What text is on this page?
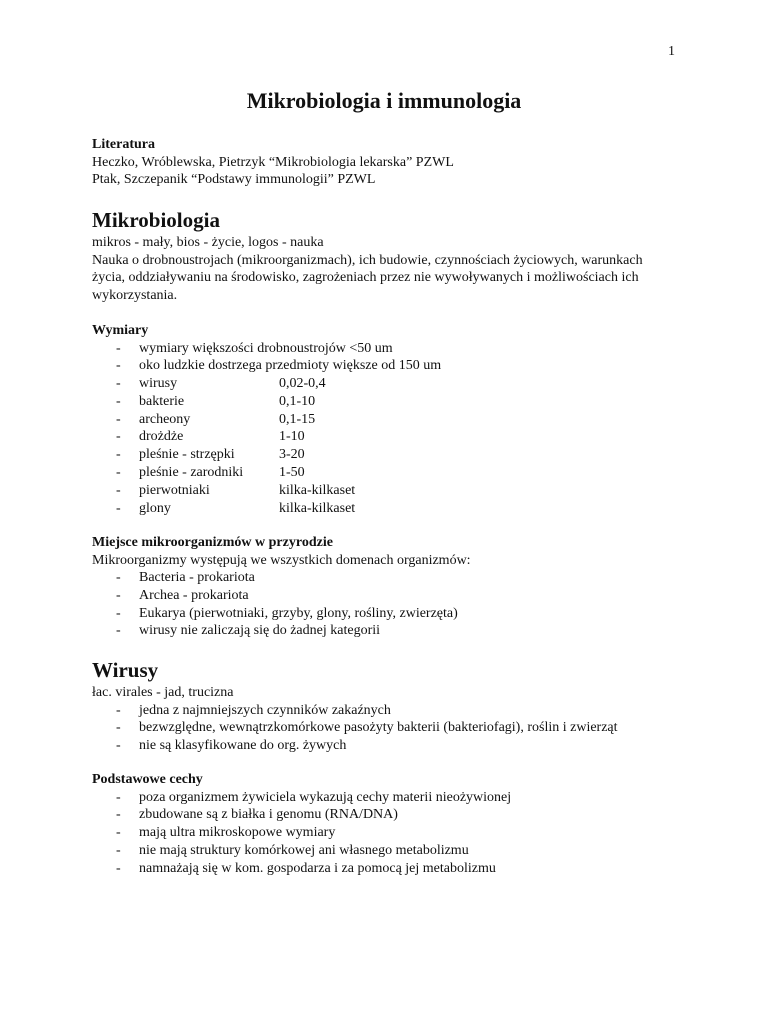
1
Mikrobiologia i immunologia
Literatura
Heczko, Wróblewska, Pietrzyk “Mikrobiologia lekarska” PZWL
Ptak, Szczepanik “Podstawy immunologii” PZWL
Mikrobiologia
mikros - mały, bios - życie, logos - nauka
Nauka o drobnoustrojach (mikroorganizmach), ich budowie, czynnościach życiowych, warunkach
życia, oddziaływaniu na środowisko, zagrożeniach przez nie wywoływanych i możliwościach ich
wykorzystania.
Wymiary
- wymiary większości drobnoustrojów <50 um
- oko ludzkie dostrzega przedmioty większe od 150 um
- wirusy	0,02-0,4
- bakterie	0,1-10
- archeony	0,1-15
- drożdże	1-10
- pleśnie - strzępki	3-20
- pleśnie - zarodniki	1-50
- pierwotniaki	kilka-kilkaset
- glony	kilka-kilkaset
Miejsce mikroorganizmów w przyrodzie
Mikroorganizmy występują we wszystkich domenach organizmów:
- Bacteria - prokariota
- Archea - prokariota
- Eukarya (pierwotniaki, grzyby, glony, rośliny, zwierzęta)
- wirusy nie zaliczają się do żadnej kategorii
Wirusy
łac. virales - jad, trucizna
- jedna z najmniejszych czynników zakaźnych
- bezwzględne, wewnątrzkomórkowe pasożyty bakterii (bakteriofagi), roślin i zwierząt
- nie są klasyfikowane do org. żywych
Podstawowe cechy
- poza organizmem żywiciela wykazują cechy materii nieożywionej
- zbudowane są z białka i genomu (RNA/DNA)
- mają ultra mikroskopowe wymiary
- nie mają struktury komórkowej ani własnego metabolizmu
- namnażają się w kom. gospodarza i za pomocą jej metabolizmu
